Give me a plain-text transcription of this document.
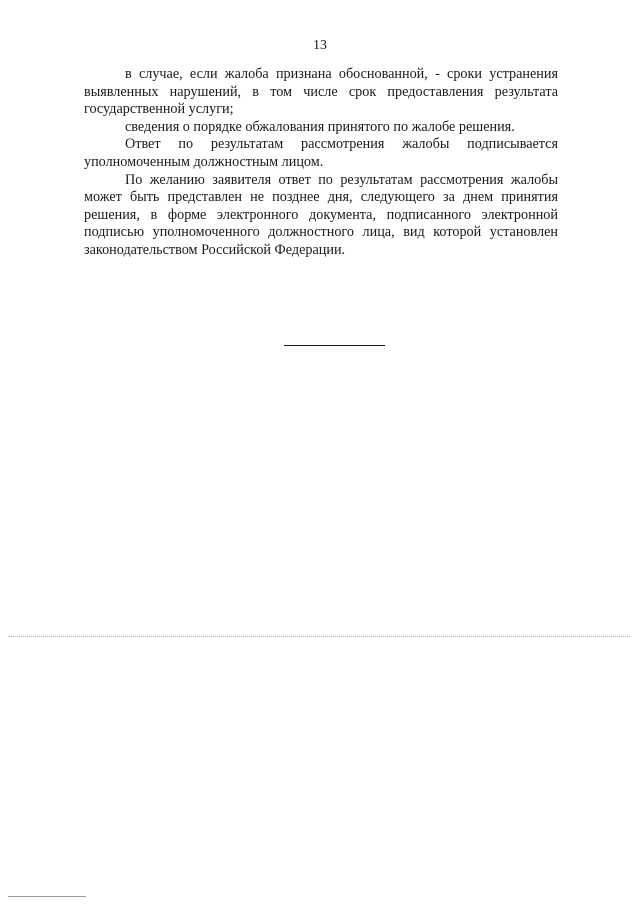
13

в случае, если жалоба признана обоснованной, - сроки устранения выявленных нарушений, в том числе срок предоставления результата государственной услуги;

сведения о порядке обжалования принятого по жалобе решения.

Ответ по результатам рассмотрения жалобы подписывается уполномоченным должностным лицом.

По желанию заявителя ответ по результатам рассмотрения жалобы может быть представлен не позднее дня, следующего за днем принятия решения, в форме электронного документа, подписанного электронной подписью уполномоченного должностного лица, вид которой установлен законодательством Российской Федерации.
